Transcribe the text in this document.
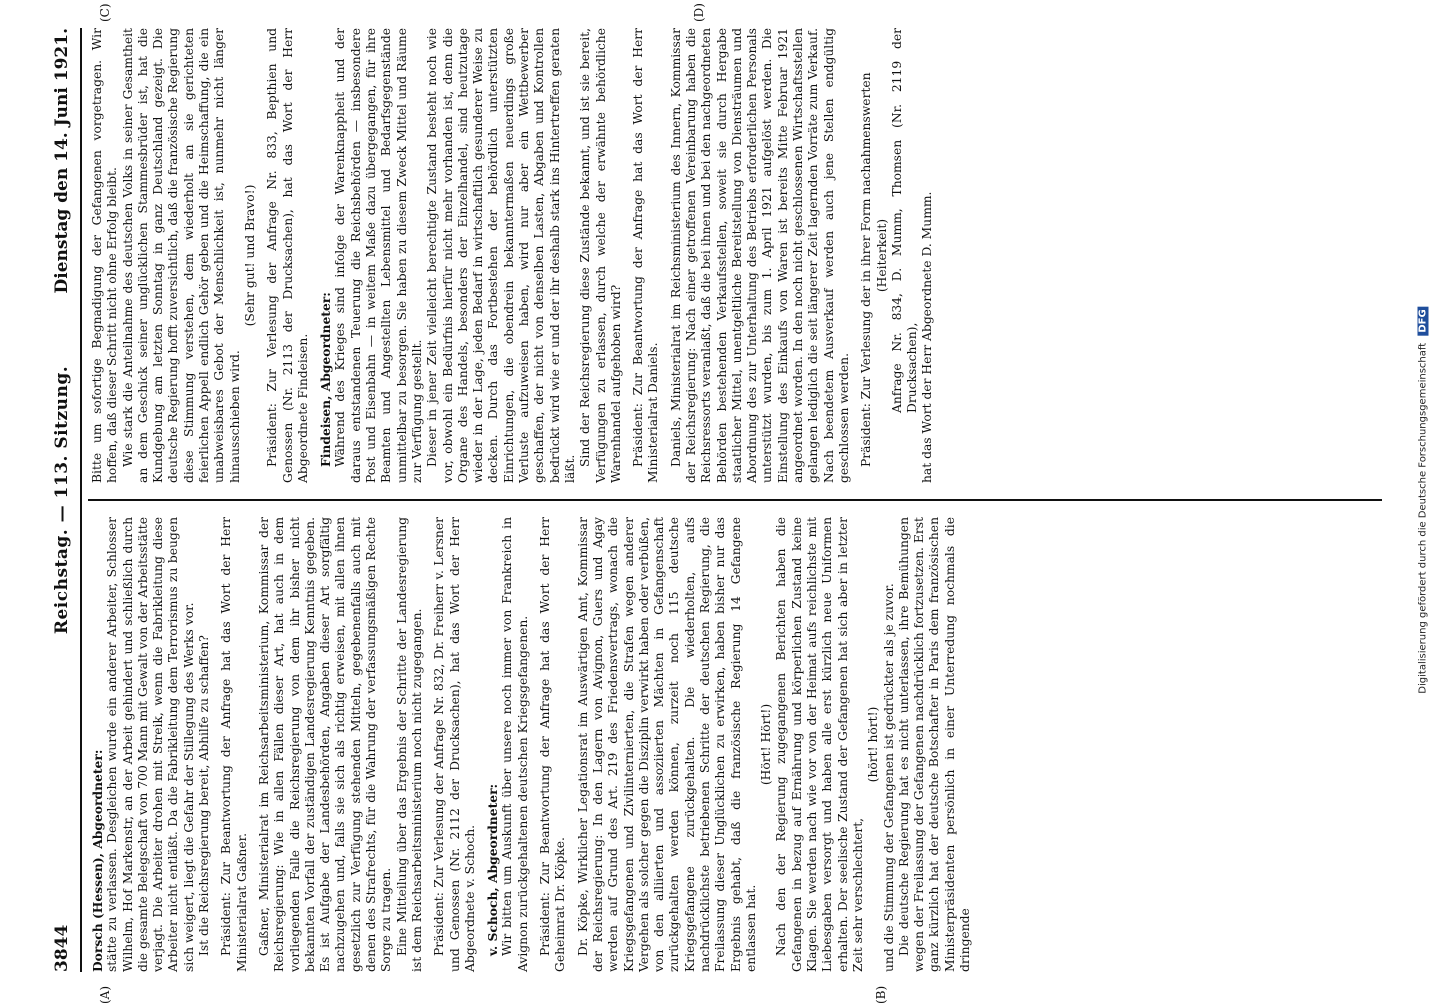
3844
Reichstag. — 113. Sitzung.
Dienstag den 14. Juni 1921.
(A)	(B)
(C)	(D)

Dorsch (Hessen), Abgeordneter: stätte zu verlassen. Desgleichen wurde ein anderer Arbeiter, Schlosser Wilhelm, Hof Markenstr, an der Arbeit gehindert und schließlich durch die gesamte Belegschaft von 700 Mann mit Gewalt von der Arbeitsstätte verjagt. Die Arbeiter drohen mit Streik, wenn die Fabrikleitung diese Arbeiter nicht entläßt. Da die Fabrikleitung dem Terrorismus zu beugen sich weigert, liegt die Gefahr der Stillegung des Werks vor. Ist die Reichsregierung bereit, Abhilfe zu schaffen? Präsident: Zur Beantwortung der Anfrage hat das Wort der Herr Ministerialrat Gaßner. Gaßner, Ministerialrat im Reichsarbeitsministerium, Kommissar der Reichsregierung: Wie in allen Fällen dieser Art, hat auch in dem vorliegenden Falle die Reichsregierung von dem ihr bisher nicht bekannten Vorfall der zuständigen Landesregierung Kenntnis gegeben. Es ist Aufgabe der Landesbehörden, Angaben dieser Art sorgfältig nachzugehen und, falls sie sich als richtig erweisen, mit allen ihnen gesetzlich zur Verfügung stehenden Mitteln, gegebenenfalls auch mit denen des Strafrechts, für die Wahrung der verfassungsmäßigen Rechte Sorge zu tragen. Eine Mitteilung über das Ergebnis der Schritte der Landesregierung ist dem Reichsarbeitsministerium noch nicht zugegangen. Präsident: Zur Verlesung der Anfrage Nr. 832, Dr. Freiherr v. Lersner und Genossen (Nr. 2112 der Drucksachen), hat das Wort der Herr Abgeordnete v. Schoch. v. Schoch, Abgeordneter: Wir bitten um Auskunft über unsere noch immer von Frankreich in Avignon zurückgehaltenen deutschen Kriegsgefangenen. Präsident: Zur Beantwortung der Anfrage hat das Wort der Herr Geheimrat Dr. Köpke. Dr. Köpke, Wirklicher Legationsrat im Auswärtigen Amt, Kommissar der Reichsregierung: In den Lagern von Avignon, Guers und Agay werden auf Grund des Art. 219 des Friedensvertrags, wonach die Kriegsgefangenen und Zivilinternierten, die Strafen wegen anderer Vergehen als solcher gegen die Disziplin verwirkt haben oder verbüßen, von den alliierten und assoziierten Mächten in Gefangenschaft zurückgehalten werden können, zurzeit noch 115 deutsche Kriegsgefangene zurückgehalten. Die wiederholten, aufs nachdrücklichste betriebenen Schritte der deutschen Regierung, die Freilassung dieser Unglücklichen zu erwirken, haben bisher nur das Ergebnis gehabt, daß die französische Regierung 14 Gefangene entlassen hat.

(Hört! Hört!) Nach den der Regierung zugegangenen Berichten haben die Gefangenen in bezug auf Ernährung und körperlichen Zustand keine Klagen. Sie werden nach wie vor von der Heimat aufs reichlichste mit Liebesgaben versorgt und haben alle erst kürzlich neue Uniformen erhalten. Der seelische Zustand der Gefangenen hat sich aber in letzter Zeit sehr verschlechtert,

(hört! hört!) und die Stimmung der Gefangenen ist gedrückter als je zuvor. Die deutsche Regierung hat es nicht unterlassen, ihre Bemühungen wegen der Freilassung der Gefangenen nachdrücklich fortzusetzen. Erst ganz kürzlich hat der deutsche Botschafter in Paris dem französischen Ministerpräsidenten persönlich in einer Unterredung nochmals die dringende

Bitte um sofortige Begnadigung der Gefangenen vorgetragen. Wir hoffen, daß dieser Schritt nicht ohne Erfolg bleibt. Wie stark die Anteilnahme des deutschen Volks in seiner Gesamtheit an dem Geschick seiner unglücklichen Stammesbrüder ist, hat die Kundgebung am letzten Sonntag in ganz Deutschland gezeigt. Die deutsche Regierung hofft zuversichtlich, daß die französische Regierung diese Stimmung verstehen, dem wiederholt an sie gerichteten feierlichen Appell endlich Gehör geben und die Heimschaffung, die ein unabweisbares Gebot der Menschlichkeit ist, nunmehr nicht länger hinausschieben wird.

(Sehr gut! und Bravo!) Präsident: Zur Verlesung der Anfrage Nr. 833, Bepthien und Genossen (Nr. 2113 der Drucksachen), hat das Wort der Herr Abgeordnete Findeisen. Findeisen, Abgeordneter: Während des Krieges sind infolge der Warenknappheit und der daraus entstandenen Teuerung die Reichsbehörden — insbesondere Post und Eisenbahn — in weitem Maße dazu übergegangen, für ihre Beamten und Angestellten Lebensmittel und Bedarfsgegenstände unmittelbar zu besorgen. Sie haben zu diesem Zweck Mittel und Räume zur Verfügung gestellt. Dieser in jener Zeit vielleicht berechtigte Zustand besteht noch wie vor, obwohl ein Bedürfnis hierfür nicht mehr vorhanden ist, denn die Organe des Handels, besonders der Einzelhandel, sind heutzutage wieder in der Lage, jeden Bedarf in wirtschaftlich gesunderer Weise zu decken. Durch das Fortbestehen der behördlich unterstützten Einrichtungen, die obendrein bekanntermaßen neuerdings große Verluste aufzuweisen haben, wird nur aber ein Wettbewerber geschaffen, der nicht von denselben Lasten, Abgaben und Kontrollen bedrückt wird wie er und der ihr deshalb stark ins Hintertreffen geraten läßt.

Sind der Reichsregierung diese Zustände bekannt, und ist sie bereit, Verfügungen zu erlassen, durch welche der erwähnte behördliche Warenhandel aufgehoben wird? Präsident: Zur Beantwortung der Anfrage hat das Wort der Herr Ministerialrat Daniels. Daniels, Ministerialrat im Reichsministerium des Innern, Kommissar der Reichsregierung: Nach einer getroffenen Vereinbarung haben die Reichsressorts veranlaßt, daß die bei ihnen und bei den nachgeordneten Behörden bestehenden Verkaufsstellen, soweit sie durch Hergabe staatlicher Mittel, unentgeltliche Bereitstellung von Diensträumen und Abordnung des zur Unterhaltung des Betriebs erforderlichen Personals unterstützt wurden, bis zum 1. April 1921 aufgelöst werden. Die Einstellung des Einkaufs von Waren ist bereits Mitte Februar 1921 angeordnet worden. In den noch nicht geschlossenen Wirtschaftsstellen gelangen lediglich die seit längerer Zeit lagernden Vorräte zum Verkauf. Nach beendetem Ausverkauf werden auch jene Stellen endgültig geschlossen werden. Präsident: Zur Verlesung der in ihrer Form nachahmenswerten (Heiterkeit) Anfrage Nr. 834, D. Mumm, Thomsen (Nr. 2119 der Drucksachen), hat das Wort der Herr Abgeordnete D. Mumm.

Digitalisierung gefördert durch die Deutsche Forschungsgemeinschaft DFG
